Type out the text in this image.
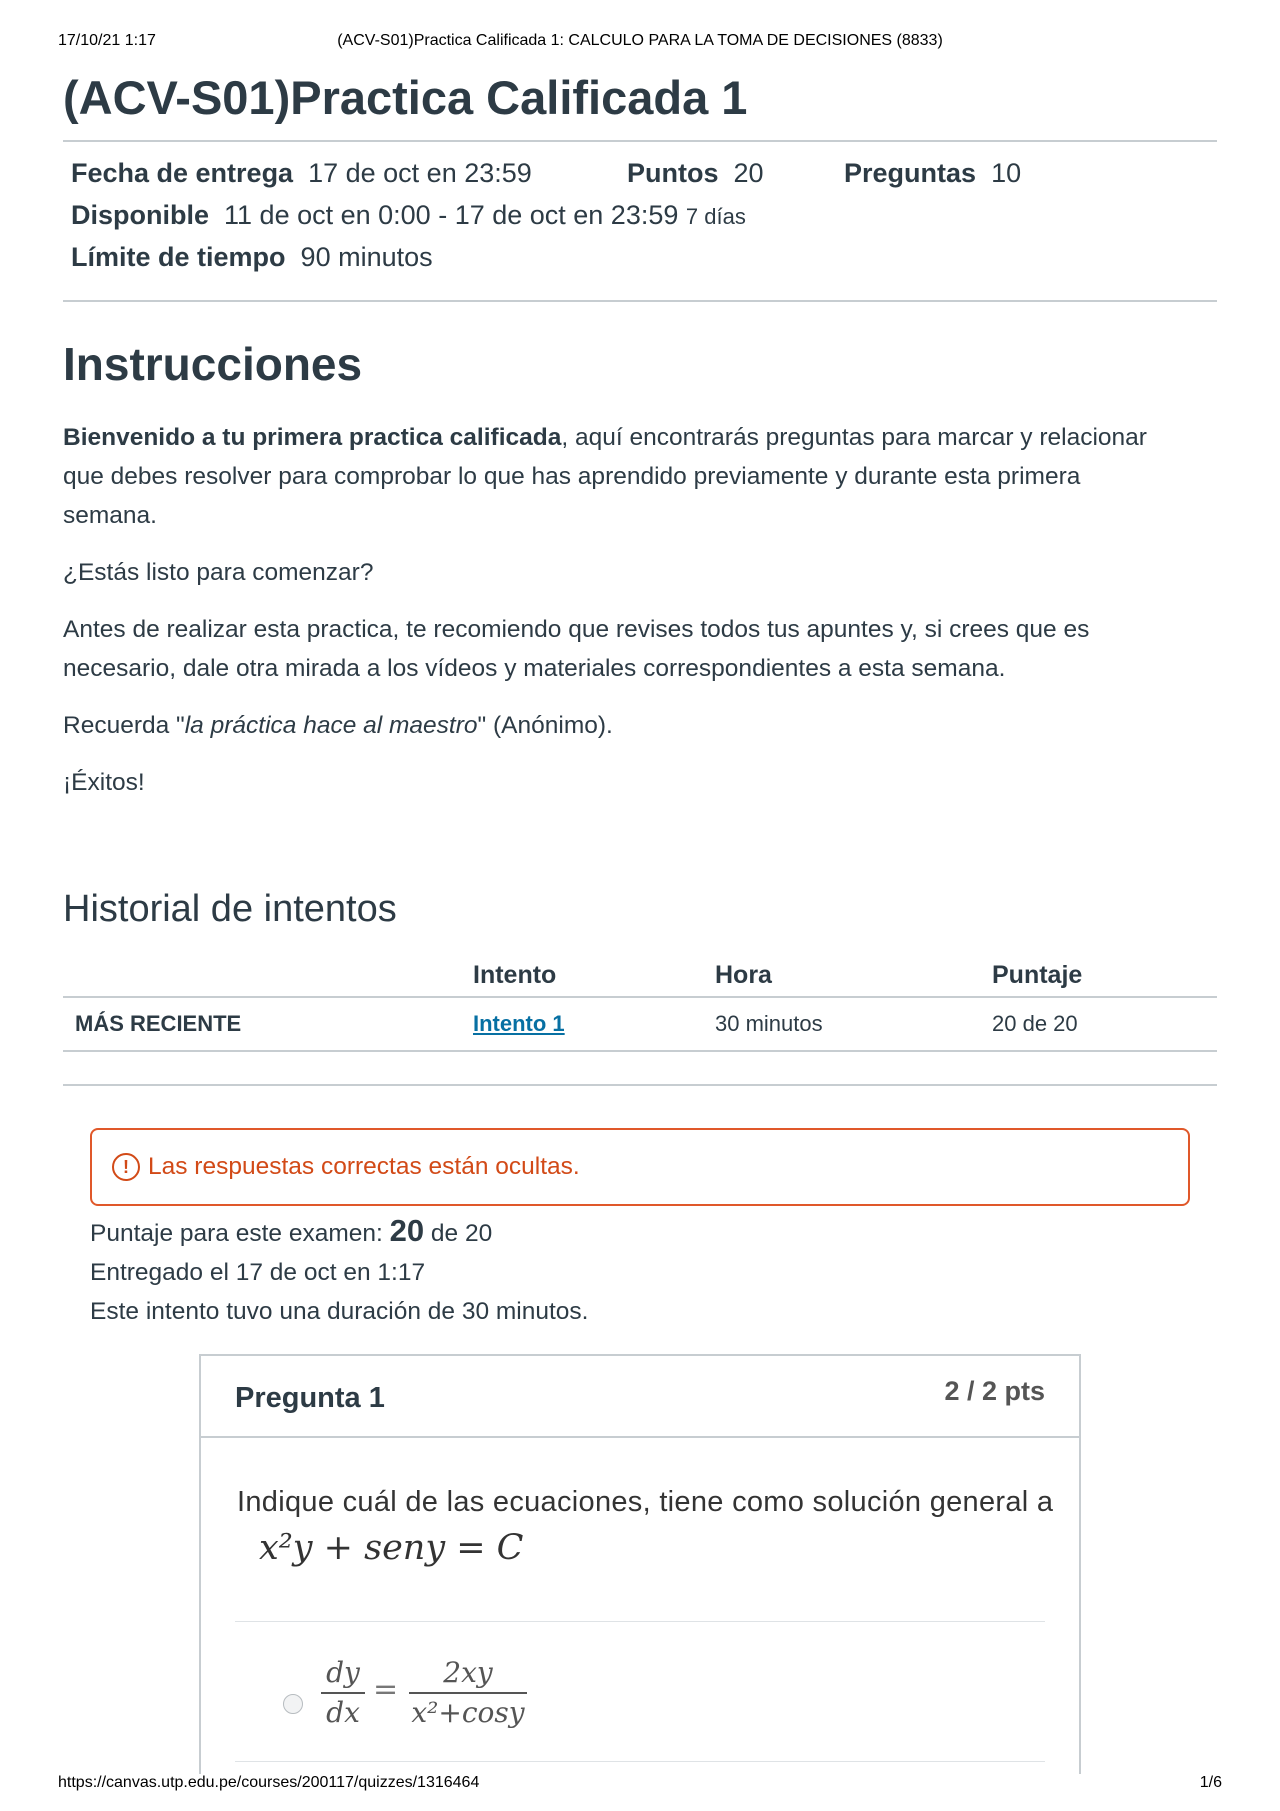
17/10/21 1:17	(ACV-S01)Practica Calificada 1: CALCULO PARA LA TOMA DE DECISIONES (8833)
(ACV-S01)Practica Calificada 1
Fecha de entrega 17 de oct en 23:59	Puntos 20	Preguntas 10
Disponible 11 de oct en 0:00 - 17 de oct en 23:59 7 días
Límite de tiempo 90 minutos
Instrucciones

Bienvenido a tu primera practica calificada, aquí encontrarás preguntas para marcar y relacionar
que debes resolver para comprobar lo que has aprendido previamente y durante esta primera
semana.

¿Estás listo para comenzar?

Antes de realizar esta practica, te recomiendo que revises todos tus apuntes y, si crees que es
necesario, dale otra mirada a los vídeos y materiales correspondientes a esta semana.

Recuerda "la práctica hace al maestro" (Anónimo).

¡Éxitos!

Historial de intentos
	Intento	Hora	Puntaje
MÁS RECIENTE	Intento 1	30 minutos	20 de 20
! Las respuestas correctas están ocultas.
Puntaje para este examen: 20 de 20
Entregado el 17 de oct en 1:17
Este intento tuvo una duración de 30 minutos.
Pregunta 1	2 / 2 pts
Indique cuál de las ecuaciones, tiene como solución general a
x²y + seny = C
dy
dx
=	2xy
x²+cosy
https://canvas.utp.edu.pe/courses/200117/quizzes/1316464	1/6
